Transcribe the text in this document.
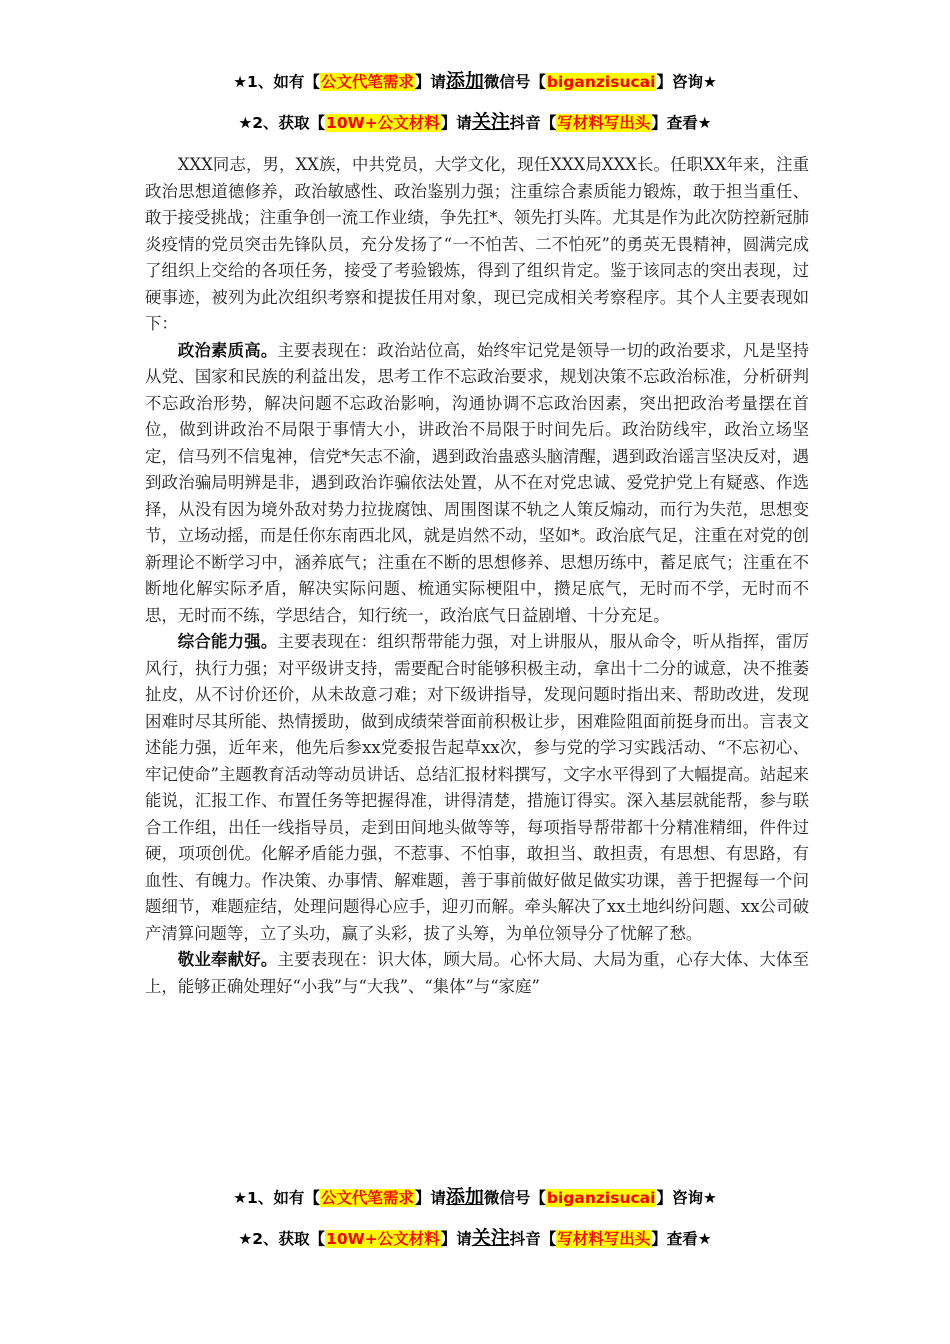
★1、如有【公文代笔需求】请添加微信号【biganzisucai】咨询★
★2、获取【10W+公文材料】请关注抖音【写材料写出头】查看★

XXX同志，男，XX族，中共党员，大学文化，现任XXX局XXX长。任职XX年来，注重政治思想道德修养，政治敏感性、政治鉴别力强；注重综合素质能力锻炼，敢于担当重任、敢于接受挑战；注重争创一流工作业绩，争先扛*、领先打头阵。尤其是作为此次防控新冠肺炎疫情的党员突击先锋队员，充分发扬了“一不怕苦、二不怕死”的勇英无畏精神，圆满完成了组织上交给的各项任务，接受了考验锻炼，得到了组织肯定。鉴于该同志的突出表现，过硬事迹，被列为此次组织考察和提拔任用对象，现已完成相关考察程序。其个人主要表现如下：

政治素质高。主要表现在：政治站位高，始终牢记党是领导一切的政治要求，凡是坚持从党、国家和民族的利益出发，思考工作不忘政治要求，规划决策不忘政治标准，分析研判不忘政治形势，解决问题不忘政治影响，沟通协调不忘政治因素，突出把政治考量摆在首位，做到讲政治不局限于事情大小，讲政治不局限于时间先后。政治防线牢，政治立场坚定，信马列不信鬼神，信党*矢志不渝，遇到政治蛊惑头脑清醒，遇到政治谣言坚决反对，遇到政治骗局明辨是非，遇到政治诈骗依法处置，从不在对党忠诚、爱党护党上有疑惑、作选择，从没有因为境外敌对势力拉拢腐蚀、周围图谋不轨之人策反煽动，而行为失范，思想变节，立场动摇，而是任你东南西北风，就是岿然不动，坚如*。政治底气足，注重在对党的创新理论不断学习中，涵养底气；注重在不断的思想修养、思想历练中，蓄足底气；注重在不断地化解实际矛盾，解决实际问题、梳通实际梗阻中，攒足底气，无时而不学，无时而不思，无时而不练，学思结合，知行统一，政治底气日益剧增、十分充足。

综合能力强。主要表现在：组织帮带能力强，对上讲服从，服从命令，听从指挥，雷厉风行，执行力强；对平级讲支持，需要配合时能够积极主动，拿出十二分的诚意，决不推萎扯皮，从不讨价还价，从未故意刁难；对下级讲指导，发现问题时指出来、帮助改进，发现困难时尽其所能、热情援助，做到成绩荣誉面前积极让步，困难险阻面前挺身而出。言表文述能力强，近年来，他先后参xx党委报告起草xx次，参与党的学习实践活动、“不忘初心、牢记使命”主题教育活动等动员讲话、总结汇报材料撰写，文字水平得到了大幅提高。站起来能说，汇报工作、布置任务等把握得准，讲得清楚，措施订得实。深入基层就能帮，参与联合工作组，出任一线指导员，走到田间地头做等等，每项指导帮带都十分精准精细，件件过硬，项项创优。化解矛盾能力强，不惹事、不怕事，敢担当、敢担责，有思想、有思路，有血性、有魄力。作决策、办事情、解难题，善于事前做好做足做实功课，善于把握每一个问题细节，难题症结，处理问题得心应手，迎刃而解。牵头解决了xx土地纠纷问题、xx公司破产清算问题等，立了头功，赢了头彩，拔了头筹，为单位领导分了忧解了愁。

敬业奉献好。主要表现在：识大体，顾大局。心怀大局、大局为重，心存大体、大体至上，能够正确处理好“小我”与“大我”、“集体”与“家庭”

★1、如有【公文代笔需求】请添加微信号【biganzisucai】咨询★
★2、获取【10W+公文材料】请关注抖音【写材料写出头】查看★
